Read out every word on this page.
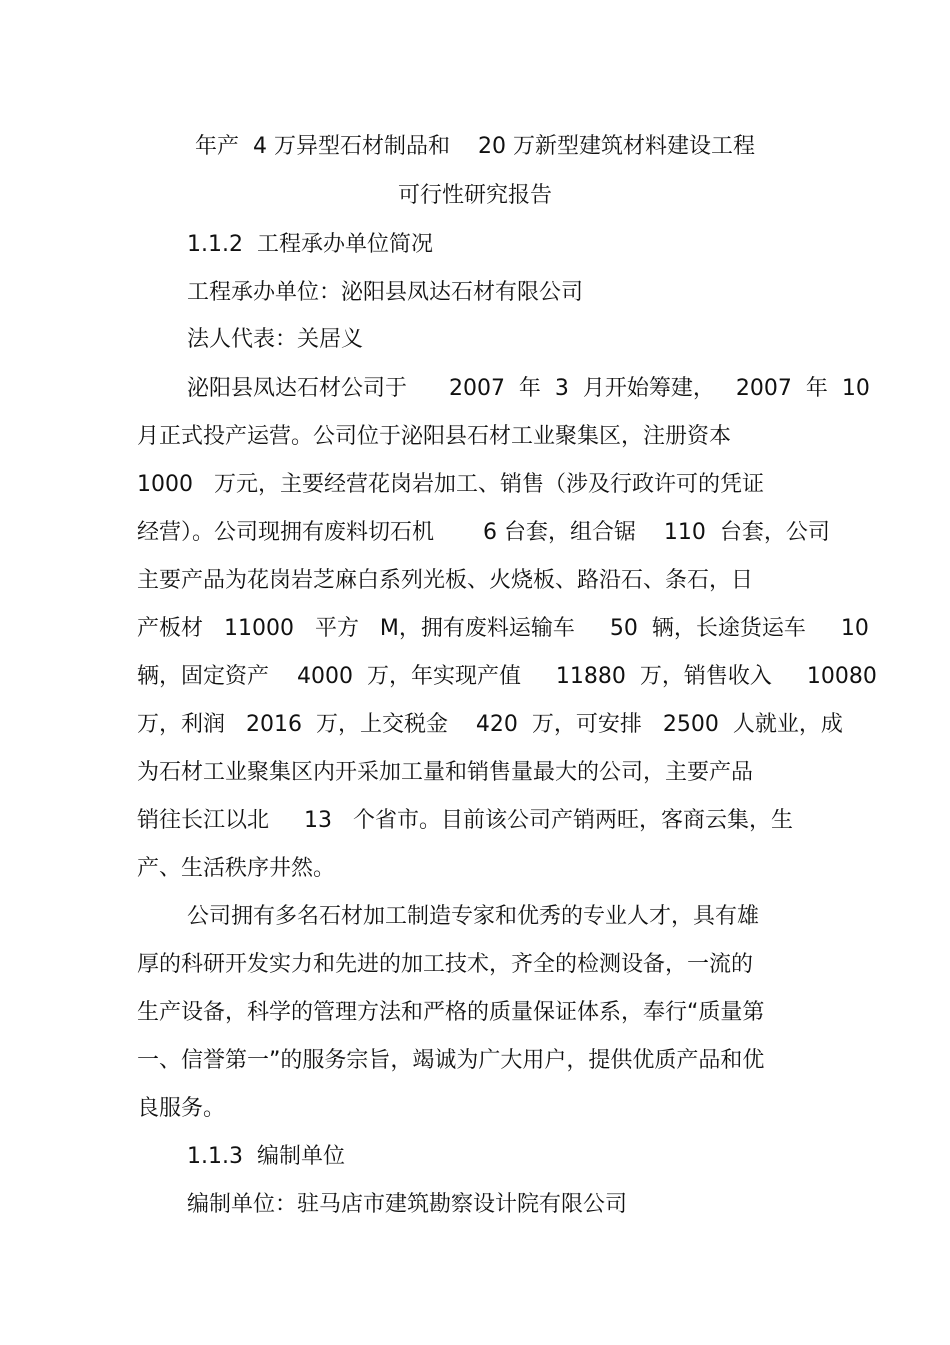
年产  4 万异型石材制品和    20 万新型建筑材料建设工程

可行性研究报告

1.1.2  工程承办单位简况

工程承办单位：泌阳县凤达石材有限公司

法人代表：关居义

泌阳县凤达石材公司于      2007  年  3  月开始筹建，   2007  年  10

月正式投产运营。公司位于泌阳县石材工业聚集区，注册资本

1000   万元，主要经营花岗岩加工、销售（涉及行政许可的凭证

经营）。公司现拥有废料切石机       6 台套，组合锯    110  台套，公司

主要产品为花岗岩芝麻白系列光板、火烧板、路沿石、条石，日

产板材   11000   平方   M，拥有废料运输车     50  辆，长途货运车     10

辆，固定资产    4000  万，年实现产值     11880  万，销售收入     10080

万，利润   2016  万，上交税金    420  万，可安排   2500  人就业，成

为石材工业聚集区内开采加工量和销售量最大的公司，主要产品

销往长江以北     13   个省市。目前该公司产销两旺，客商云集，生

产、生活秩序井然。

公司拥有多名石材加工制造专家和优秀的专业人才，具有雄

厚的科研开发实力和先进的加工技术，齐全的检测设备，一流的

生产设备，科学的管理方法和严格的质量保证体系，奉行“质量第

一、信誉第一”的服务宗旨，竭诚为广大用户，提供优质产品和优

良服务。

1.1.3  编制单位

编制单位：驻马店市建筑勘察设计院有限公司
